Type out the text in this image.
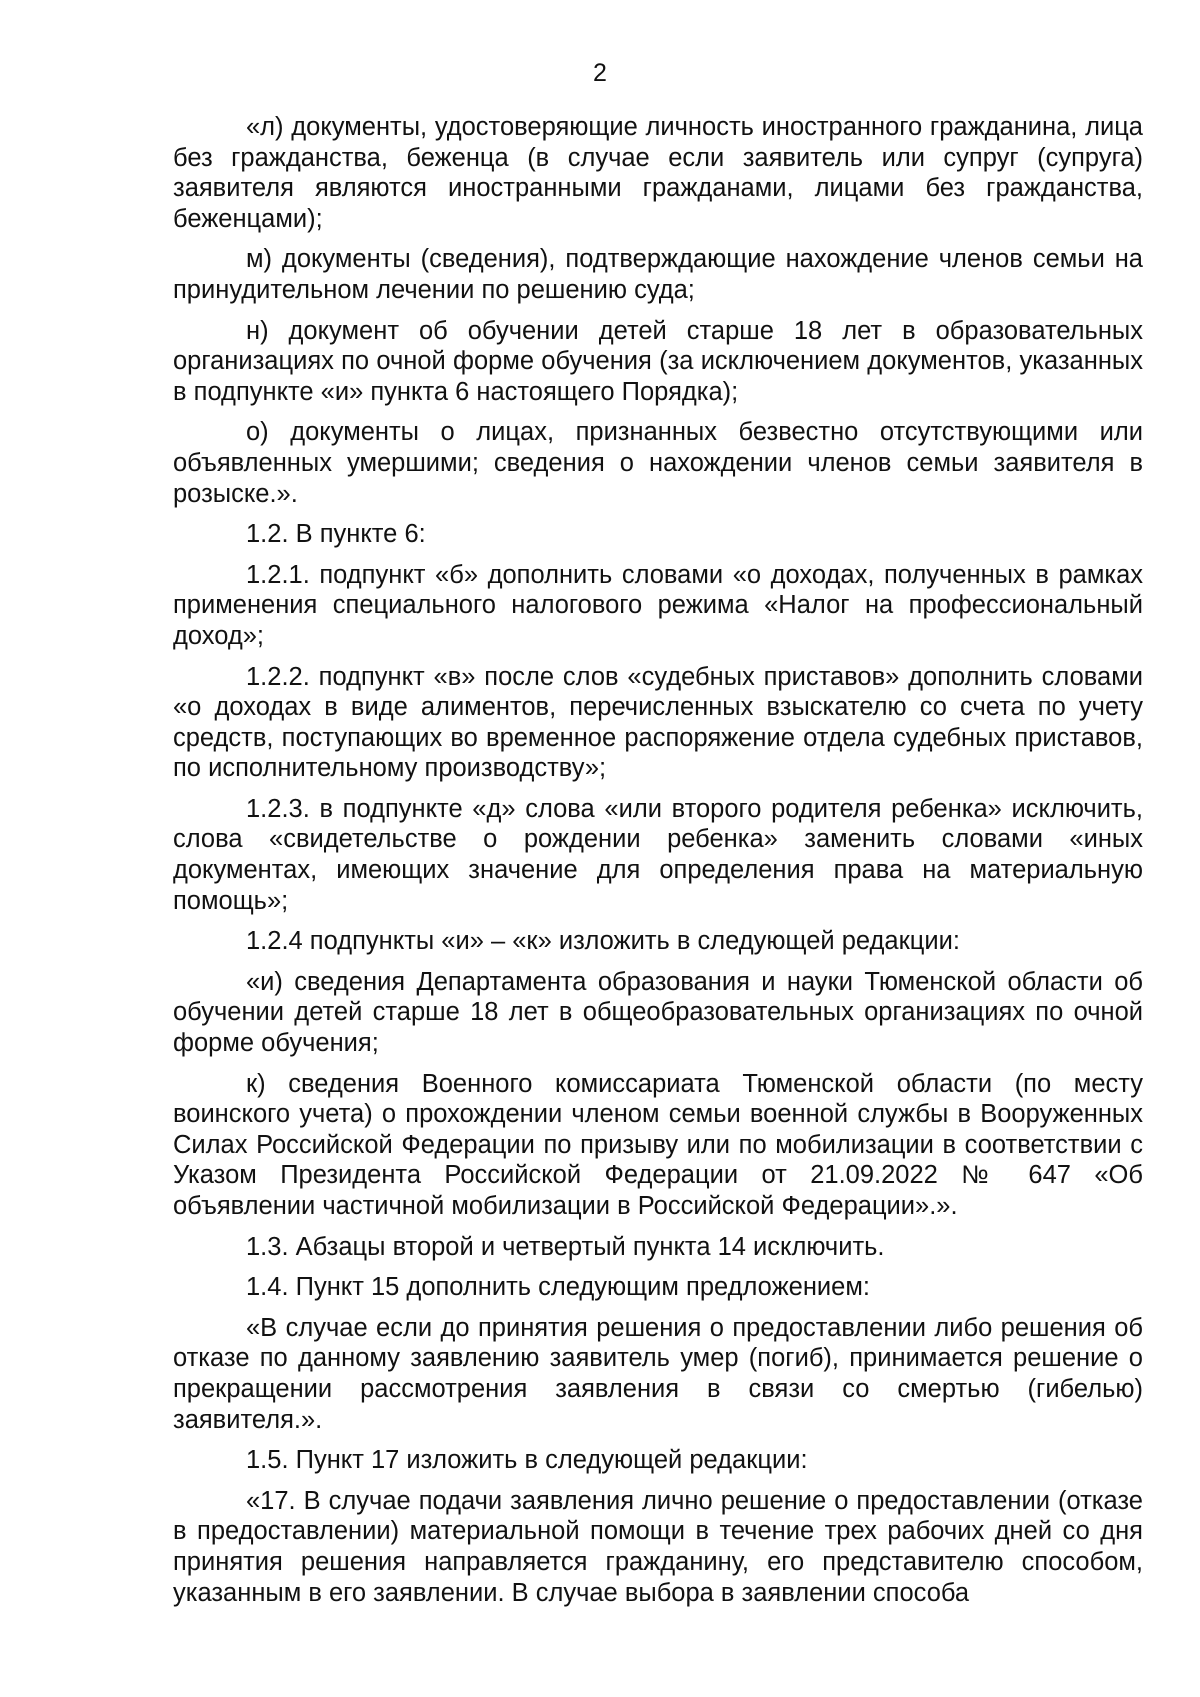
2

«л) документы, удостоверяющие личность иностранного гражданина, лица без гражданства, беженца (в случае если заявитель или супруг (супруга) заявителя являются иностранными гражданами, лицами без гражданства, беженцами);

м) документы (сведения), подтверждающие нахождение членов семьи на принудительном лечении по решению суда;

н) документ об обучении детей старше 18 лет в образовательных организациях по очной форме обучения (за исключением документов, указанных в подпункте «и» пункта 6 настоящего Порядка);

о) документы о лицах, признанных безвестно отсутствующими или объявленных умершими; сведения о нахождении членов семьи заявителя в розыске.».

1.2. В пункте 6:

1.2.1. подпункт «б» дополнить словами «о доходах, полученных в рамках применения специального налогового режима «Налог на профессиональный доход»;

1.2.2. подпункт «в» после слов «судебных приставов» дополнить словами «о доходах в виде алиментов, перечисленных взыскателю со счета по учету средств, поступающих во временное распоряжение отдела судебных приставов, по исполнительному производству»;

1.2.3. в подпункте «д» слова «или второго родителя ребенка» исключить, слова «свидетельстве о рождении ребенка» заменить словами «иных документах, имеющих значение для определения права на материальную помощь»;

1.2.4 подпункты «и» – «к» изложить в следующей редакции:

«и) сведения Департамента образования и науки Тюменской области об обучении детей старше 18 лет в общеобразовательных организациях по очной форме обучения;

к) сведения Военного комиссариата Тюменской области (по месту воинского учета) о прохождении членом семьи военной службы в Вооруженных Силах Российской Федерации по призыву или по мобилизации в соответствии с Указом Президента Российской Федерации от 21.09.2022 № 647 «Об объявлении частичной мобилизации в Российской Федерации».».

1.3. Абзацы второй и четвертый пункта 14 исключить.

1.4. Пункт 15 дополнить следующим предложением:

«В случае если до принятия решения о предоставлении либо решения об отказе по данному заявлению заявитель умер (погиб), принимается решение о прекращении рассмотрения заявления в связи со смертью (гибелью) заявителя.».

1.5. Пункт 17 изложить в следующей редакции:

«17. В случае подачи заявления лично решение о предоставлении (отказе в предоставлении) материальной помощи в течение трех рабочих дней со дня принятия решения направляется гражданину, его представителю способом, указанным в его заявлении. В случае выбора в заявлении способа
